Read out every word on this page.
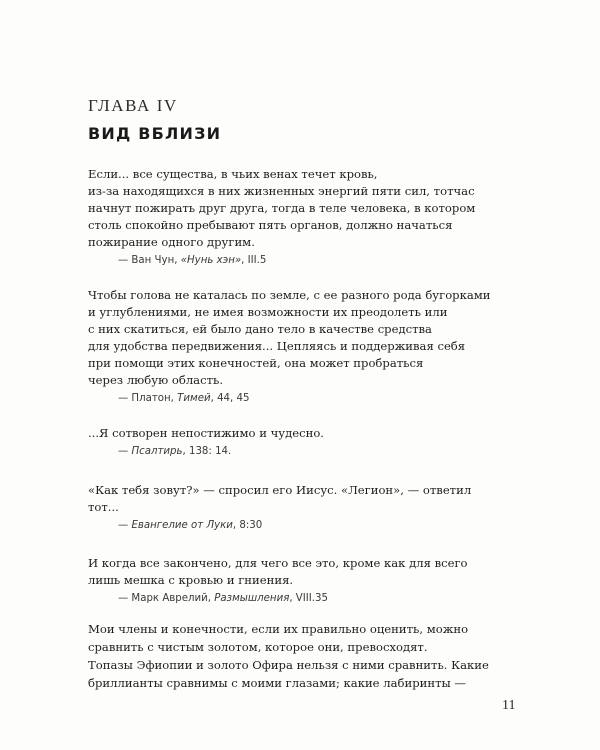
ГЛАВА IV
ВИД ВБЛИЗИ
Если... все существа, в чьих венах течет кровь,
из-за находящихся в них жизненных энергий пяти сил, тотчас
начнут пожирать друг друга, тогда в теле человека, в котором
столь спокойно пребывают пять органов, должно начаться
пожирание одного другим.
— Ван Чун, «Нунь хэн», III.5
Чтобы голова не каталась по земле, с ее разного рода бугорками
и углублениями, не имея возможности их преодолеть или
с них скатиться, ей было дано тело в качестве средства
для удобства передвижения... Цепляясь и поддерживая себя
при помощи этих конечностей, она может пробраться
через любую область.
— Платон, Тимей, 44, 45
...Я сотворен непостижимо и чудесно.
— Псалтирь, 138: 14.
«Как тебя зовут?» — спросил его Иисус. «Легион», — ответил
тот...
— Евангелие от Луки, 8:30
И когда все закончено, для чего все это, кроме как для всего
лишь мешка с кровью и гниения.
— Марк Аврелий, Размышления, VIII.35
Мои члены и конечности, если их правильно оценить, можно
сравнить с чистым золотом, которое они, превосходят.
Топазы Эфиопии и золото Офира нельзя с ними сравнить. Какие
бриллианты сравнимы с моими глазами; какие лабиринты —
11
